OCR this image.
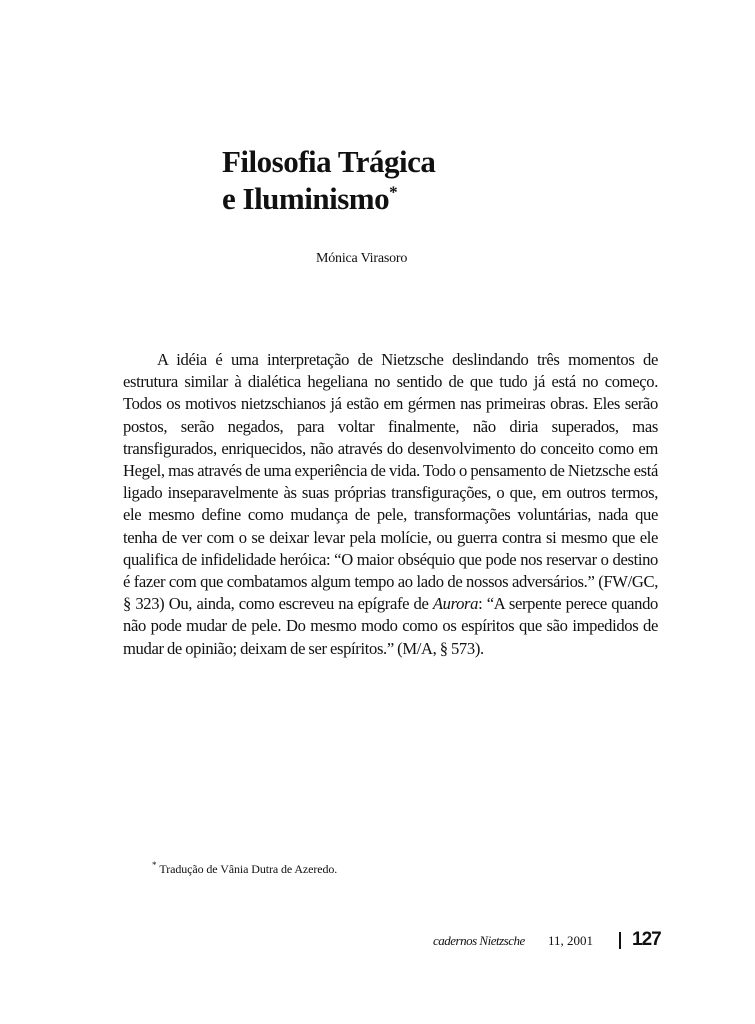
Filosofia Trágica
e Iluminismo*
Mónica Virasoro

A idéia é uma interpretação de Nietzsche deslindando três momentos de estrutura similar à dialética hegeliana no sentido de que tudo já está no começo. Todos os motivos nietzschianos já estão em gérmen nas primeiras obras. Eles serão postos, serão negados, para voltar finalmente, não diria superados, mas transfigurados, enriquecidos, não através do desenvolvimento do conceito como em Hegel, mas através de uma experiência de vida. Todo o pensamento de Nietzsche está ligado inseparavelmente às suas próprias transfigurações, o que, em outros termos, ele mesmo define como mudança de pele, transformações voluntárias, nada que tenha de ver com o se deixar levar pela molície, ou guerra contra si mesmo que ele qualifica de infidelidade heróica: “O maior obséquio que pode nos reservar o destino é fazer com que combatamos algum tempo ao lado de nossos adversários.” (FW/GC, § 323) Ou, ainda, como escreveu na epígrafe de Aurora: “A serpente perece quando não pode mudar de pele. Do mesmo modo como os espíritos que são impedidos de mudar de opinião; deixam de ser espíritos.” (M/A, § 573).

* Tradução de Vânia Dutra de Azeredo.
cadernos Nietzsche 11, 2001 127
